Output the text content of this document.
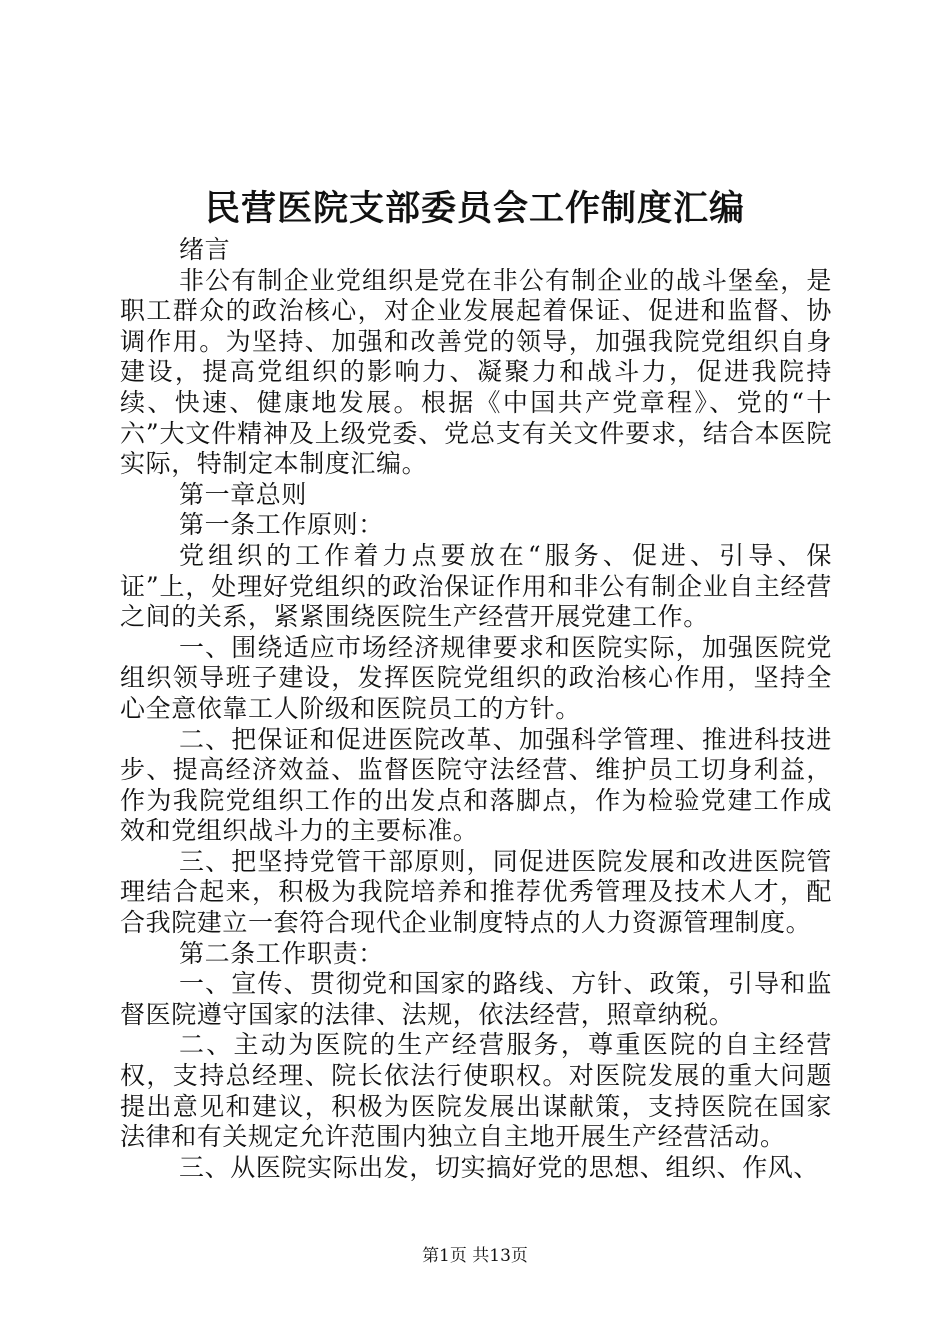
民营医院支部委员会工作制度汇编

绪言

非公有制企业党组织是党在非公有制企业的战斗堡垒，是职工群众的政治核心，对企业发展起着保证、促进和监督、协调作用。为坚持、加强和改善党的领导，加强我院党组织自身建设，提高党组织的影响力、凝聚力和战斗力，促进我院持续、快速、健康地发展。根据《中国共产党章程》、党的“十六”大文件精神及上级党委、党总支有关文件要求，结合本医院实际，特制定本制度汇编。

第一章总则

第一条工作原则：

党组织的工作着力点要放在“服务、促进、引导、保证”上，处理好党组织的政治保证作用和非公有制企业自主经营之间的关系，紧紧围绕医院生产经营开展党建工作。

一、围绕适应市场经济规律要求和医院实际，加强医院党组织领导班子建设，发挥医院党组织的政治核心作用，坚持全心全意依靠工人阶级和医院员工的方针。

二、把保证和促进医院改革、加强科学管理、推进科技进步、提高经济效益、监督医院守法经营、维护员工切身利益，作为我院党组织工作的出发点和落脚点，作为检验党建工作成效和党组织战斗力的主要标准。

三、把坚持党管干部原则，同促进医院发展和改进医院管理结合起来，积极为我院培养和推荐优秀管理及技术人才，配合我院建立一套符合现代企业制度特点的人力资源管理制度。

第二条工作职责：

一、宣传、贯彻党和国家的路线、方针、政策，引导和监督医院遵守国家的法律、法规，依法经营，照章纳税。

二、主动为医院的生产经营服务，尊重医院的自主经营权，支持总经理、院长依法行使职权。对医院发展的重大问题提出意见和建议，积极为医院发展出谋献策，支持医院在国家法律和有关规定允许范围内独立自主地开展生产经营活动。

三、从医院实际出发，切实搞好党的思想、组织、作风、

第1页 共13页
